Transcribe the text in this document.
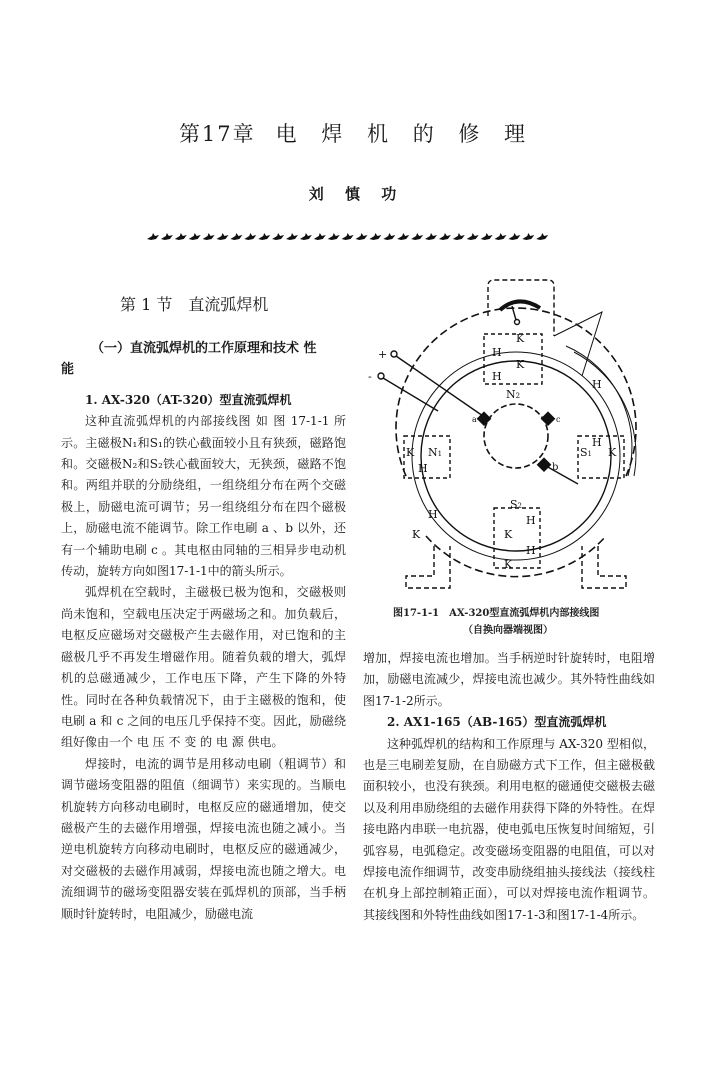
第17章 电 焊 机 的 修 理
刘 慎 功
第 1 节 直流弧焊机

（一）直流弧焊机的工作原理和技术 性

能

1. AX-320（AT-320）型直流弧焊机

这种直流弧焊机的内部接线图 如 图 17-1-1 所示。主磁极N₁和S₁的铁心截面较小且有狭颈，磁路饱和。交磁极N₂和S₂铁心截面较大，无狭颈，磁路不饱和。两组并联的分励绕组，一组绕组分布在两个交磁极上，励磁电流可调节；另一组绕组分布在四个磁极上，励磁电流不能调节。除工作电刷 a 、b 以外，还有一个辅助电刷 c 。其电枢由同轴的三相异步电动机传动，旋转方向如图17-1-1中的箭头所示。

弧焊机在空载时，主磁极已极为饱和，交磁极则尚未饱和，空载电压决定于两磁场之和。加负载后，电枢反应磁场对交磁极产生去磁作用，对已饱和的主磁极几乎不再发生增磁作用。随着负载的增大，弧焊机的总磁通减少，工作电压下降，产生下降的外特性。同时在各种负载情况下，由于主磁极的饱和，使电刷 a 和 c 之间的电压几乎保持不变。因此，励磁绕组好像由一个 电 压 不 变 的 电 源 供电。

焊接时，电流的调节是用移动电刷（粗调节）和调节磁场变阻器的阻值（细调节）来实现的。当顺电机旋转方向移动电刷时，电枢反应的磁通增加，使交磁极产生的去磁作用增强，焊接电流也随之减小。当逆电机旋转方向移动电刷时，电枢反应的磁通减少，对交磁极的去磁作用减弱，焊接电流也随之增大。电流细调节的磁场变阻器安装在弧焊机的顶部，当手柄顺时针旋转时，电阻减少，励磁电流

+
-
K
H
K
H
N2
a	c
b
K N1
H
S1
H
K
H
K
H
S2
H
K
H
K
图17-1-1　AX-320型直流弧焊机内部接线图
（自换向器端视图）

增加，焊接电流也增加。当手柄逆时针旋转时，电阻增加，励磁电流减少，焊接电流也减少。其外特性曲线如图17-1-2所示。

2. AX1-165（AB-165）型直流弧焊机

这种弧焊机的结构和工作原理与 AX-320 型相似，也是三电刷差复励，在自励磁方式下工作，但主磁极截面积较小，也没有狭颈。利用电枢的磁通使交磁极去磁以及利用串励绕组的去磁作用获得下降的外特性。在焊接电路内串联一电抗器，使电弧电压恢复时间缩短，引弧容易，电弧稳定。改变磁场变阻器的电阻值，可以对焊接电流作细调节，改变串励绕组抽头接线法（接线柱在机身上部控制箱正面），可以对焊接电流作粗调节。其接线图和外特性曲线如图17-1-3和图17-1-4所示。
